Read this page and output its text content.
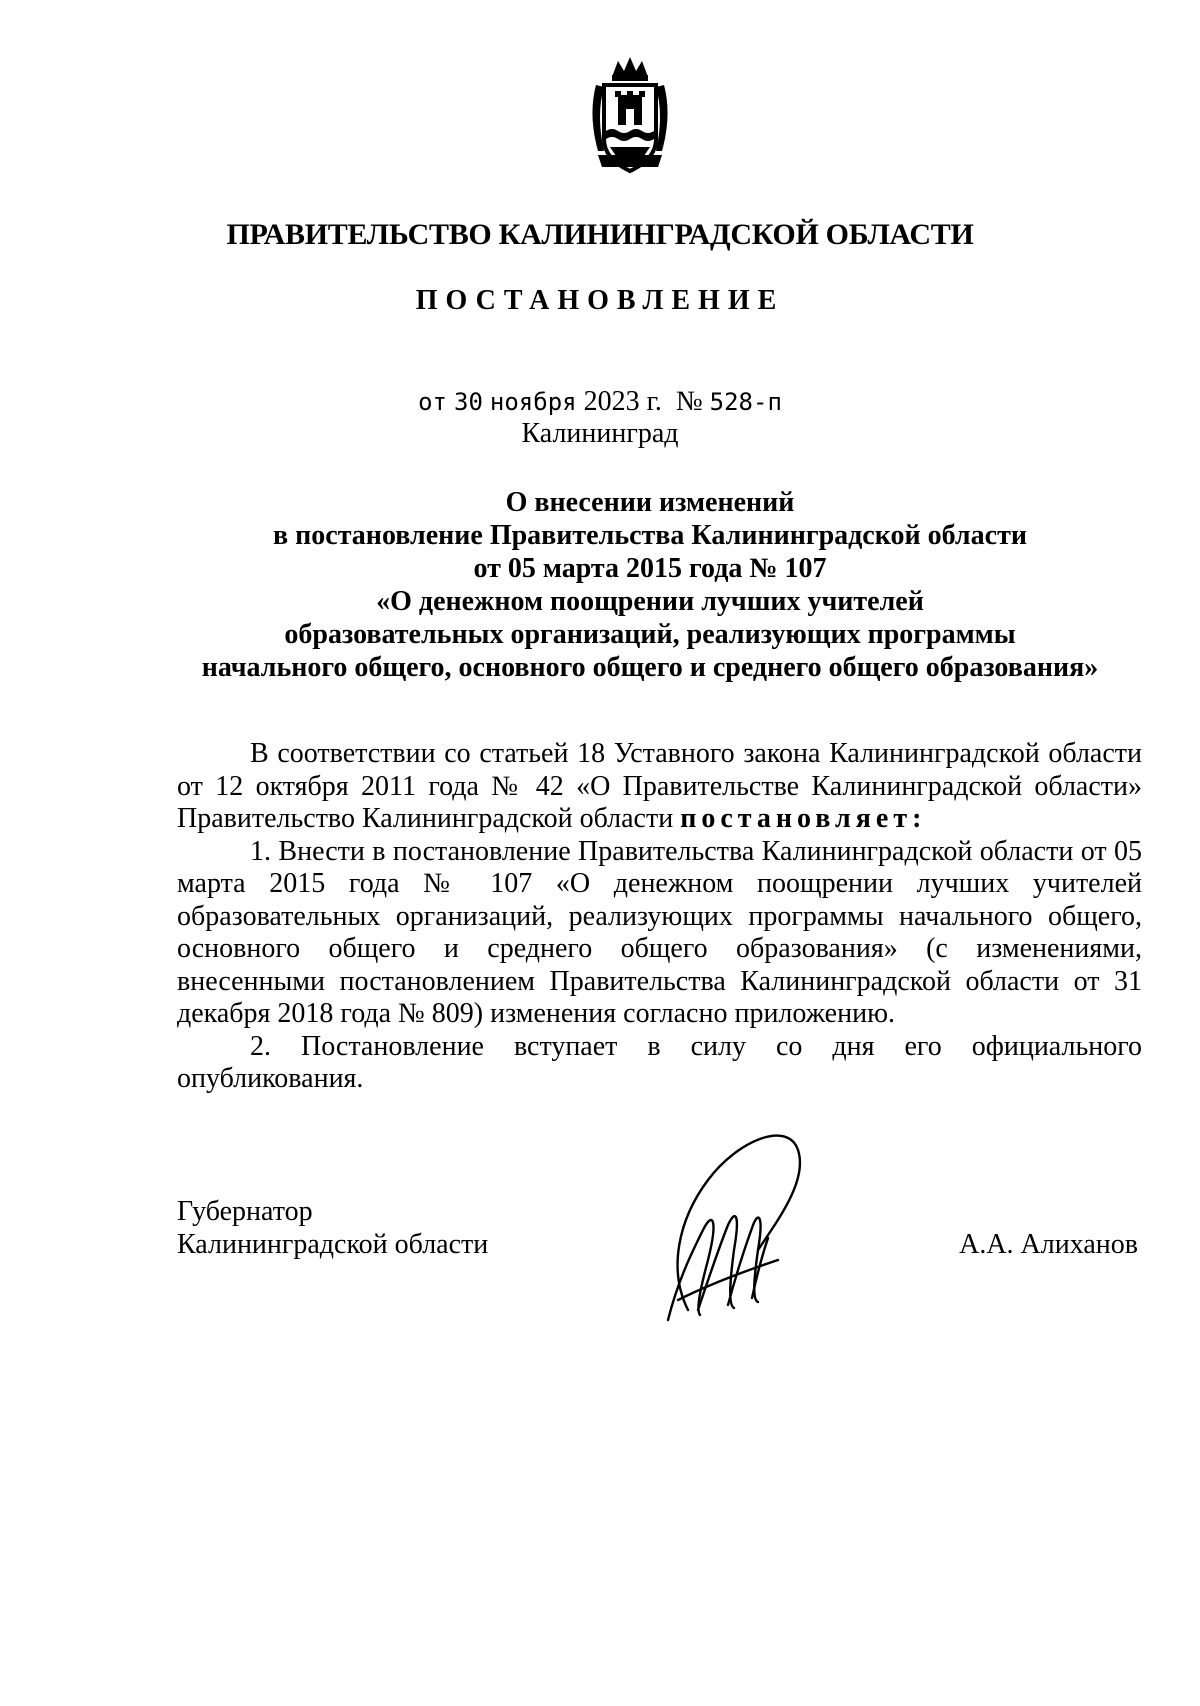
ПРАВИТЕЛЬСТВО КАЛИНИНГРАДСКОЙ ОБЛАСТИ
ПОСТАНОВЛЕНИЕ
от 30 ноября 2023 г. № 528-п
Калининград
О внесении изменений
в постановление Правительства Калининградской области
от 05 марта 2015 года № 107
«О денежном поощрении лучших учителей
образовательных организаций, реализующих программы
начального общего, основного общего и среднего общего образования»

В соответствии со статьей 18 Уставного закона Калининградской области от 12 октября 2011 года № 42 «О Правительстве Калининградской области» Правительство Калининградской области постановляет:

1. Внести в постановление Правительства Калининградской области от 05 марта 2015 года № 107 «О денежном поощрении лучших учителей образовательных организаций, реализующих программы начального общего, основного общего и среднего общего образования» (с изменениями, внесенными постановлением Правительства Калининградской области от 31 декабря 2018 года № 809) изменения согласно приложению.

2. Постановление вступает в силу со дня его официального опубликования.

Губернатор
Калининградской области	А.А. Алиханов
